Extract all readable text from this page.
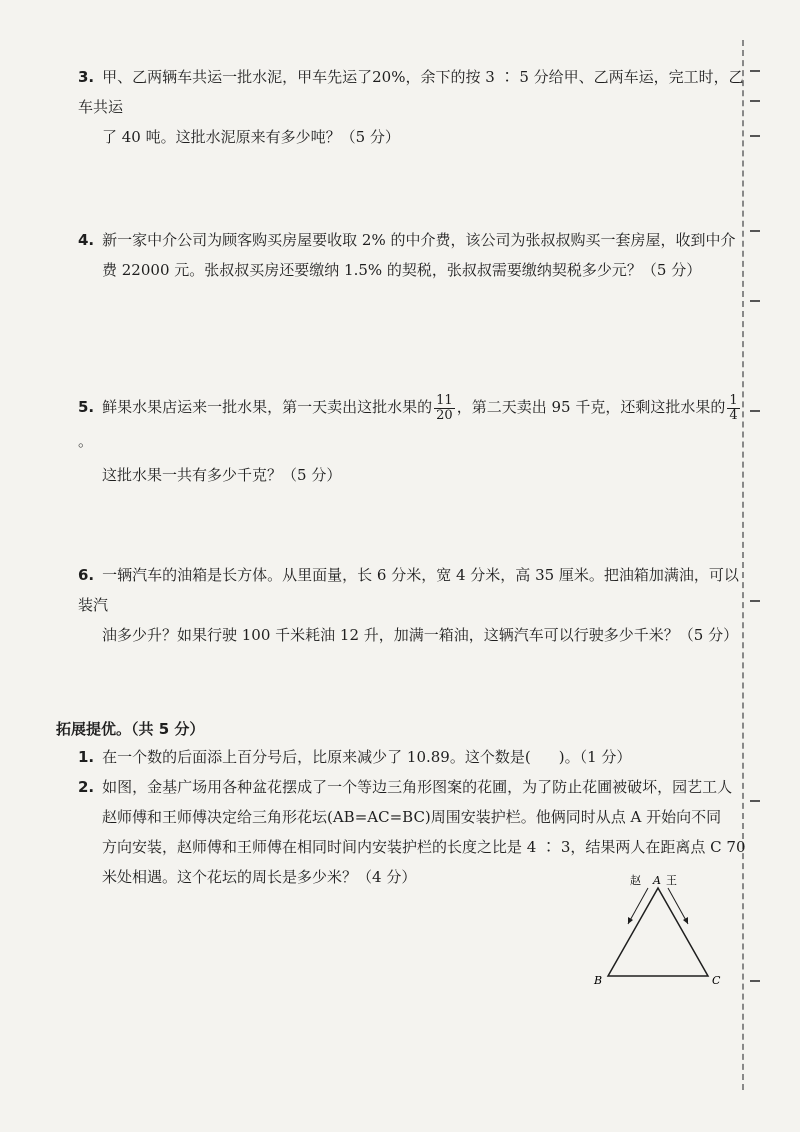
3. 甲、乙两辆车共运一批水泥，甲车先运了20%，余下的按 3 ∶ 5 分给甲、乙两车运，完工时，乙车共运
了 40 吨。这批水泥原来有多少吨？（5 分）
4. 新一家中介公司为顾客购买房屋要收取 2% 的中介费，该公司为张叔叔购买一套房屋，收到中介
费 22000 元。张叔叔买房还要缴纳 1.5% 的契税，张叔叔需要缴纳契税多少元？（5 分）
5. 鲜果水果店运来一批水果，第一天卖出这批水果的 $\frac{11}{20}$ ，第二天卖出 95 千克，还剩这批水果的 $\frac{1}{4}$
。
这批水果一共有多少千克？（5 分）
6. 一辆汽车的油箱是长方体。从里面量，长 6 分米，宽 4 分米，高 35 厘米。把油箱加满油，可以装汽
油多少升？如果行驶 100 千米耗油 12 升，加满一箱油，这辆汽车可以行驶多少千米？（5 分）
拓展提优。（共 5 分）
1. 在一个数的后面添上百分号后，比原来减少了 10.89。这个数是( )。（1 分）
2. 如图，金基广场用各种盆花摆成了一个等边三角形图案的花圃，为了防止花圃被破坏，园艺工人
赵师傅和王师傅决定给三角形花坛(AB=AC=BC)周围安装护栏。他俩同时从点 A 开始向不同
方向安装，赵师傅和王师傅在相同时间内安装护栏的长度之比是 4 ∶ 3，结果两人在距离点 C 70
米处相遇。这个花坛的周长是多少米？（4 分）	赵 A 王
B	C
